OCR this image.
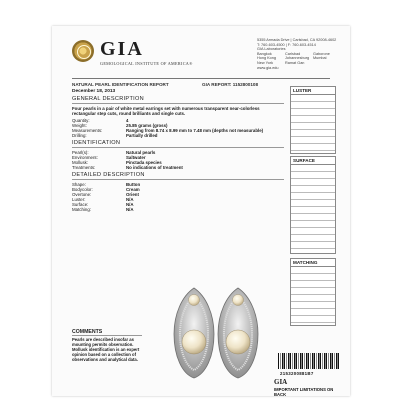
GIA
GEMOLOGICAL INSTITUTE OF AMERICA®
5355 Armada Drive | Carlsbad, CA 92008-4602
T: 760-603-4500 | F: 760-603-4514
GIA Laboratories
Bangkok	Carlsbad	Gaborone
Hong Kong Johannesburg Mumbai
New York	Ramat Gan
www.gia.edu
NATURAL PEARL IDENTIFICATION REPORT	GIA REPORT: 1152800108
December 18, 2013
GENERAL DESCRIPTION
Four pearls in a pair of white metal earrings set with numerous transparent near-colorless rectangular step cuts, round brilliants and single cuts.
Quantity:	4
Weight:	25.85 grams (gross)
Measurements:	Ranging from 8.74 x 8.99 mm to 7.48 mm (depths not measurable)
Drilling:	Partially drilled
IDENTIFICATION
Pearl(s):	Natural pearls
Environment:	Saltwater
Mollusk:	Pinctada species
Treatments:	No indications of treatment
DETAILED DESCRIPTION
Shape:	Button
Bodycolor:	Cream
Overtone:	Orient
Luster:	N/A
Surface:	N/A
Matching:	N/A
LUSTER
SURFACE
MATCHING
COMMENTS
Pearls are described insofar as mounting permits observation. Mollusk identification is an expert opinion based on a collection of observations and analytical data.
2153200881B7
GIA
IMPORTANT LIMITATIONS ON BACK
